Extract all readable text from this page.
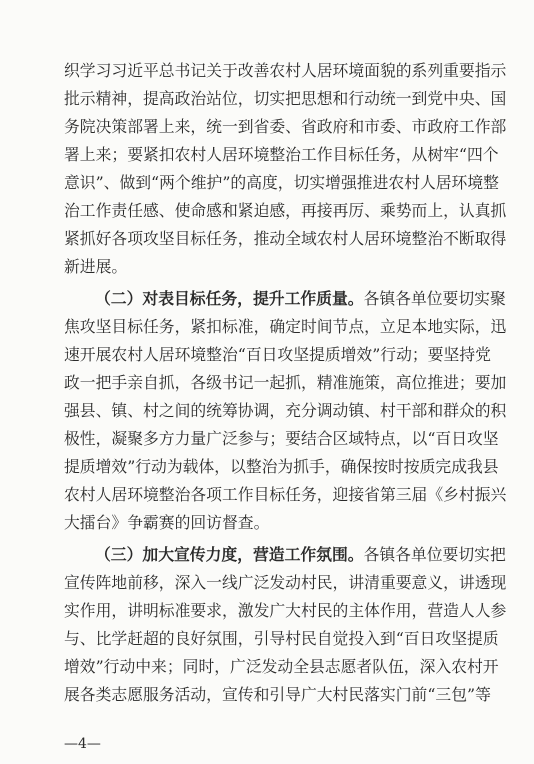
织学习习近平总书记关于改善农村人居环境面貌的系列重要指示
批示精神，提高政治站位，切实把思想和行动统一到党中央、国
务院决策部署上来，统一到省委、省政府和市委、市政府工作部
署上来；要紧扣农村人居环境整治工作目标任务，从树牢“四个
意识”、做到“两个维护”的高度，切实增强推进农村人居环境整
治工作责任感、使命感和紧迫感，再接再厉、乘势而上，认真抓
紧抓好各项攻坚目标任务，推动全域农村人居环境整治不断取得
新进展。
（二）对表目标任务，提升工作质量。各镇各单位要切实聚
焦攻坚目标任务，紧扣标准，确定时间节点，立足本地实际，迅
速开展农村人居环境整治“百日攻坚提质增效”行动；要坚持党
政一把手亲自抓，各级书记一起抓，精准施策，高位推进；要加
强县、镇、村之间的统筹协调，充分调动镇、村干部和群众的积
极性，凝聚多方力量广泛参与；要结合区域特点，以“百日攻坚
提质增效”行动为载体，以整治为抓手，确保按时按质完成我县
农村人居环境整治各项工作目标任务，迎接省第三届《乡村振兴
大擂台》争霸赛的回访督查。
（三）加大宣传力度，营造工作氛围。各镇各单位要切实把
宣传阵地前移，深入一线广泛发动村民，讲清重要意义，讲透现
实作用，讲明标准要求，激发广大村民的主体作用，营造人人参
与、比学赶超的良好氛围，引导村民自觉投入到“百日攻坚提质
增效”行动中来；同时，广泛发动全县志愿者队伍，深入农村开
展各类志愿服务活动，宣传和引导广大村民落实门前“三包”等
—4—
